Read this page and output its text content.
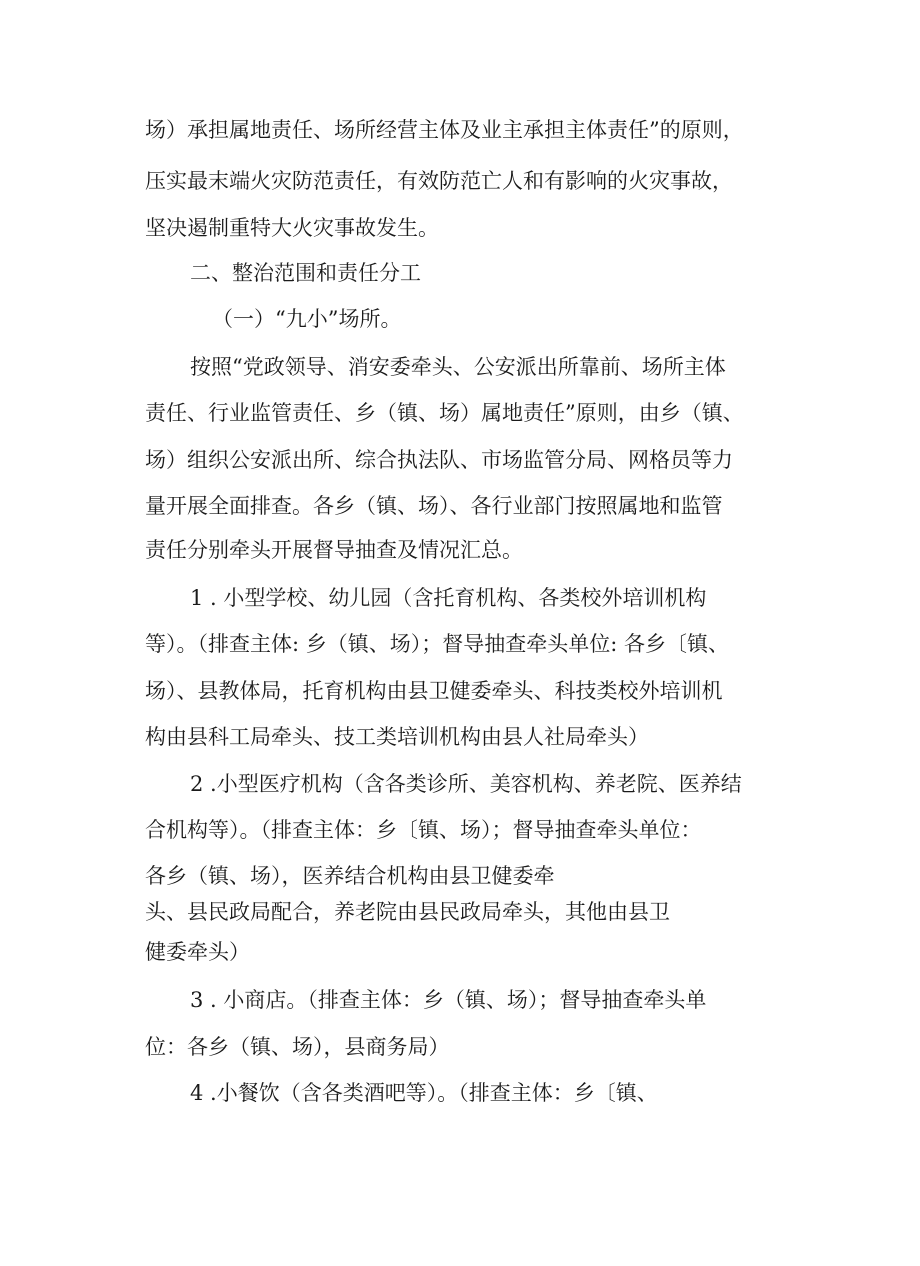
场）承担属地责任、场所经营主体及业主承担主体责任”的原则，

压实最末端火灾防范责任，有效防范亡人和有影响的火灾事故，

坚决遏制重特大火灾事故发生。

二、整治范围和责任分工

（一）“九小”场所。

按照“党政领导、消安委牵头、公安派出所靠前、场所主体

责任、行业监管责任、乡（镇、场）属地责任”原则，由乡（镇、

场）组织公安派出所、综合执法队、市场监管分局、网格员等力

量开展全面排查。各乡（镇、场）、各行业部门按照属地和监管

责任分别牵头开展督导抽查及情况汇总。

1 . 小型学校、幼儿园（含托育机构、各类校外培训机构

等）。（排查主体: 乡（镇、场）；督导抽查牵头单位: 各乡〔镇、

场）、县教体局，托育机构由县卫健委牵头、科技类校外培训机

构由县科工局牵头、技工类培训机构由县人社局牵头）

2 .小型医疗机构（含各类诊所、美容机构、养老院、医养结

合机构等）。（排查主体：乡〔镇、场）；督导抽查牵头单位：

各乡（镇、场），医养结合机构由县卫健委牵

头、县民政局配合，养老院由县民政局牵头，其他由县卫

健委牵头）

3 . 小商店。（排查主体：乡（镇、场）；督导抽查牵头单

位：各乡（镇、场），县商务局）

4 .小餐饮（含各类酒吧等）。（排查主体：乡〔镇、
